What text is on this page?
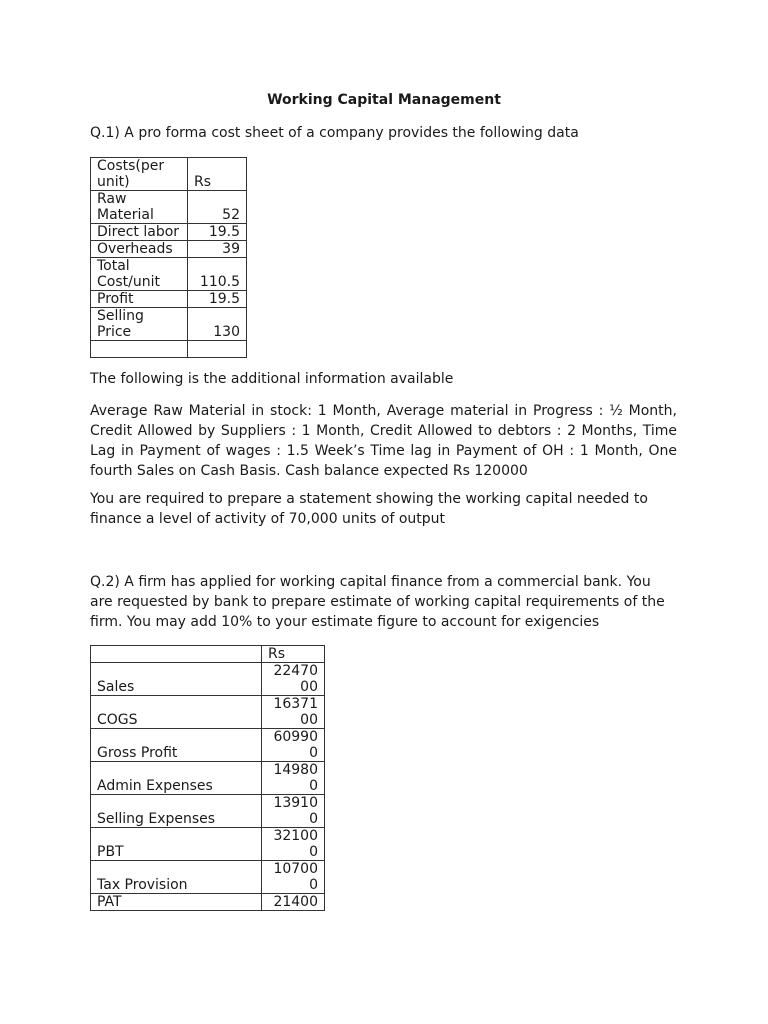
Working Capital Management
Q.1) A pro forma cost sheet of a company provides the following data
Costs(per unit)	Rs
Raw Material	52
Direct labor	19.5
Overheads	39
Total Cost/unit	110.5
Profit	19.5
Selling Price	130

The following is the additional information available

Average Raw Material in stock: 1 Month, Average material in Progress : ½ Month, Credit Allowed by Suppliers : 1 Month, Credit Allowed to debtors : 2 Months, Time Lag in Payment of wages : 1.5 Week’s Time lag in Payment of OH : 1 Month, One fourth Sales on Cash Basis. Cash balance expected Rs 120000

You are required to prepare a statement showing the working capital needed to finance a level of activity of 70,000 units of output

Q.2) A firm has applied for working capital finance from a commercial bank. You are requested by bank to prepare estimate of working capital requirements of the firm. You may add 10% to your estimate figure to account for exigencies

	Rs
Sales	2247000
COGS	1637100
Gross Profit	609900
Admin Expenses	149800
Selling Expenses	139100
PBT	321000
Tax Provision	107000
PAT	21400
